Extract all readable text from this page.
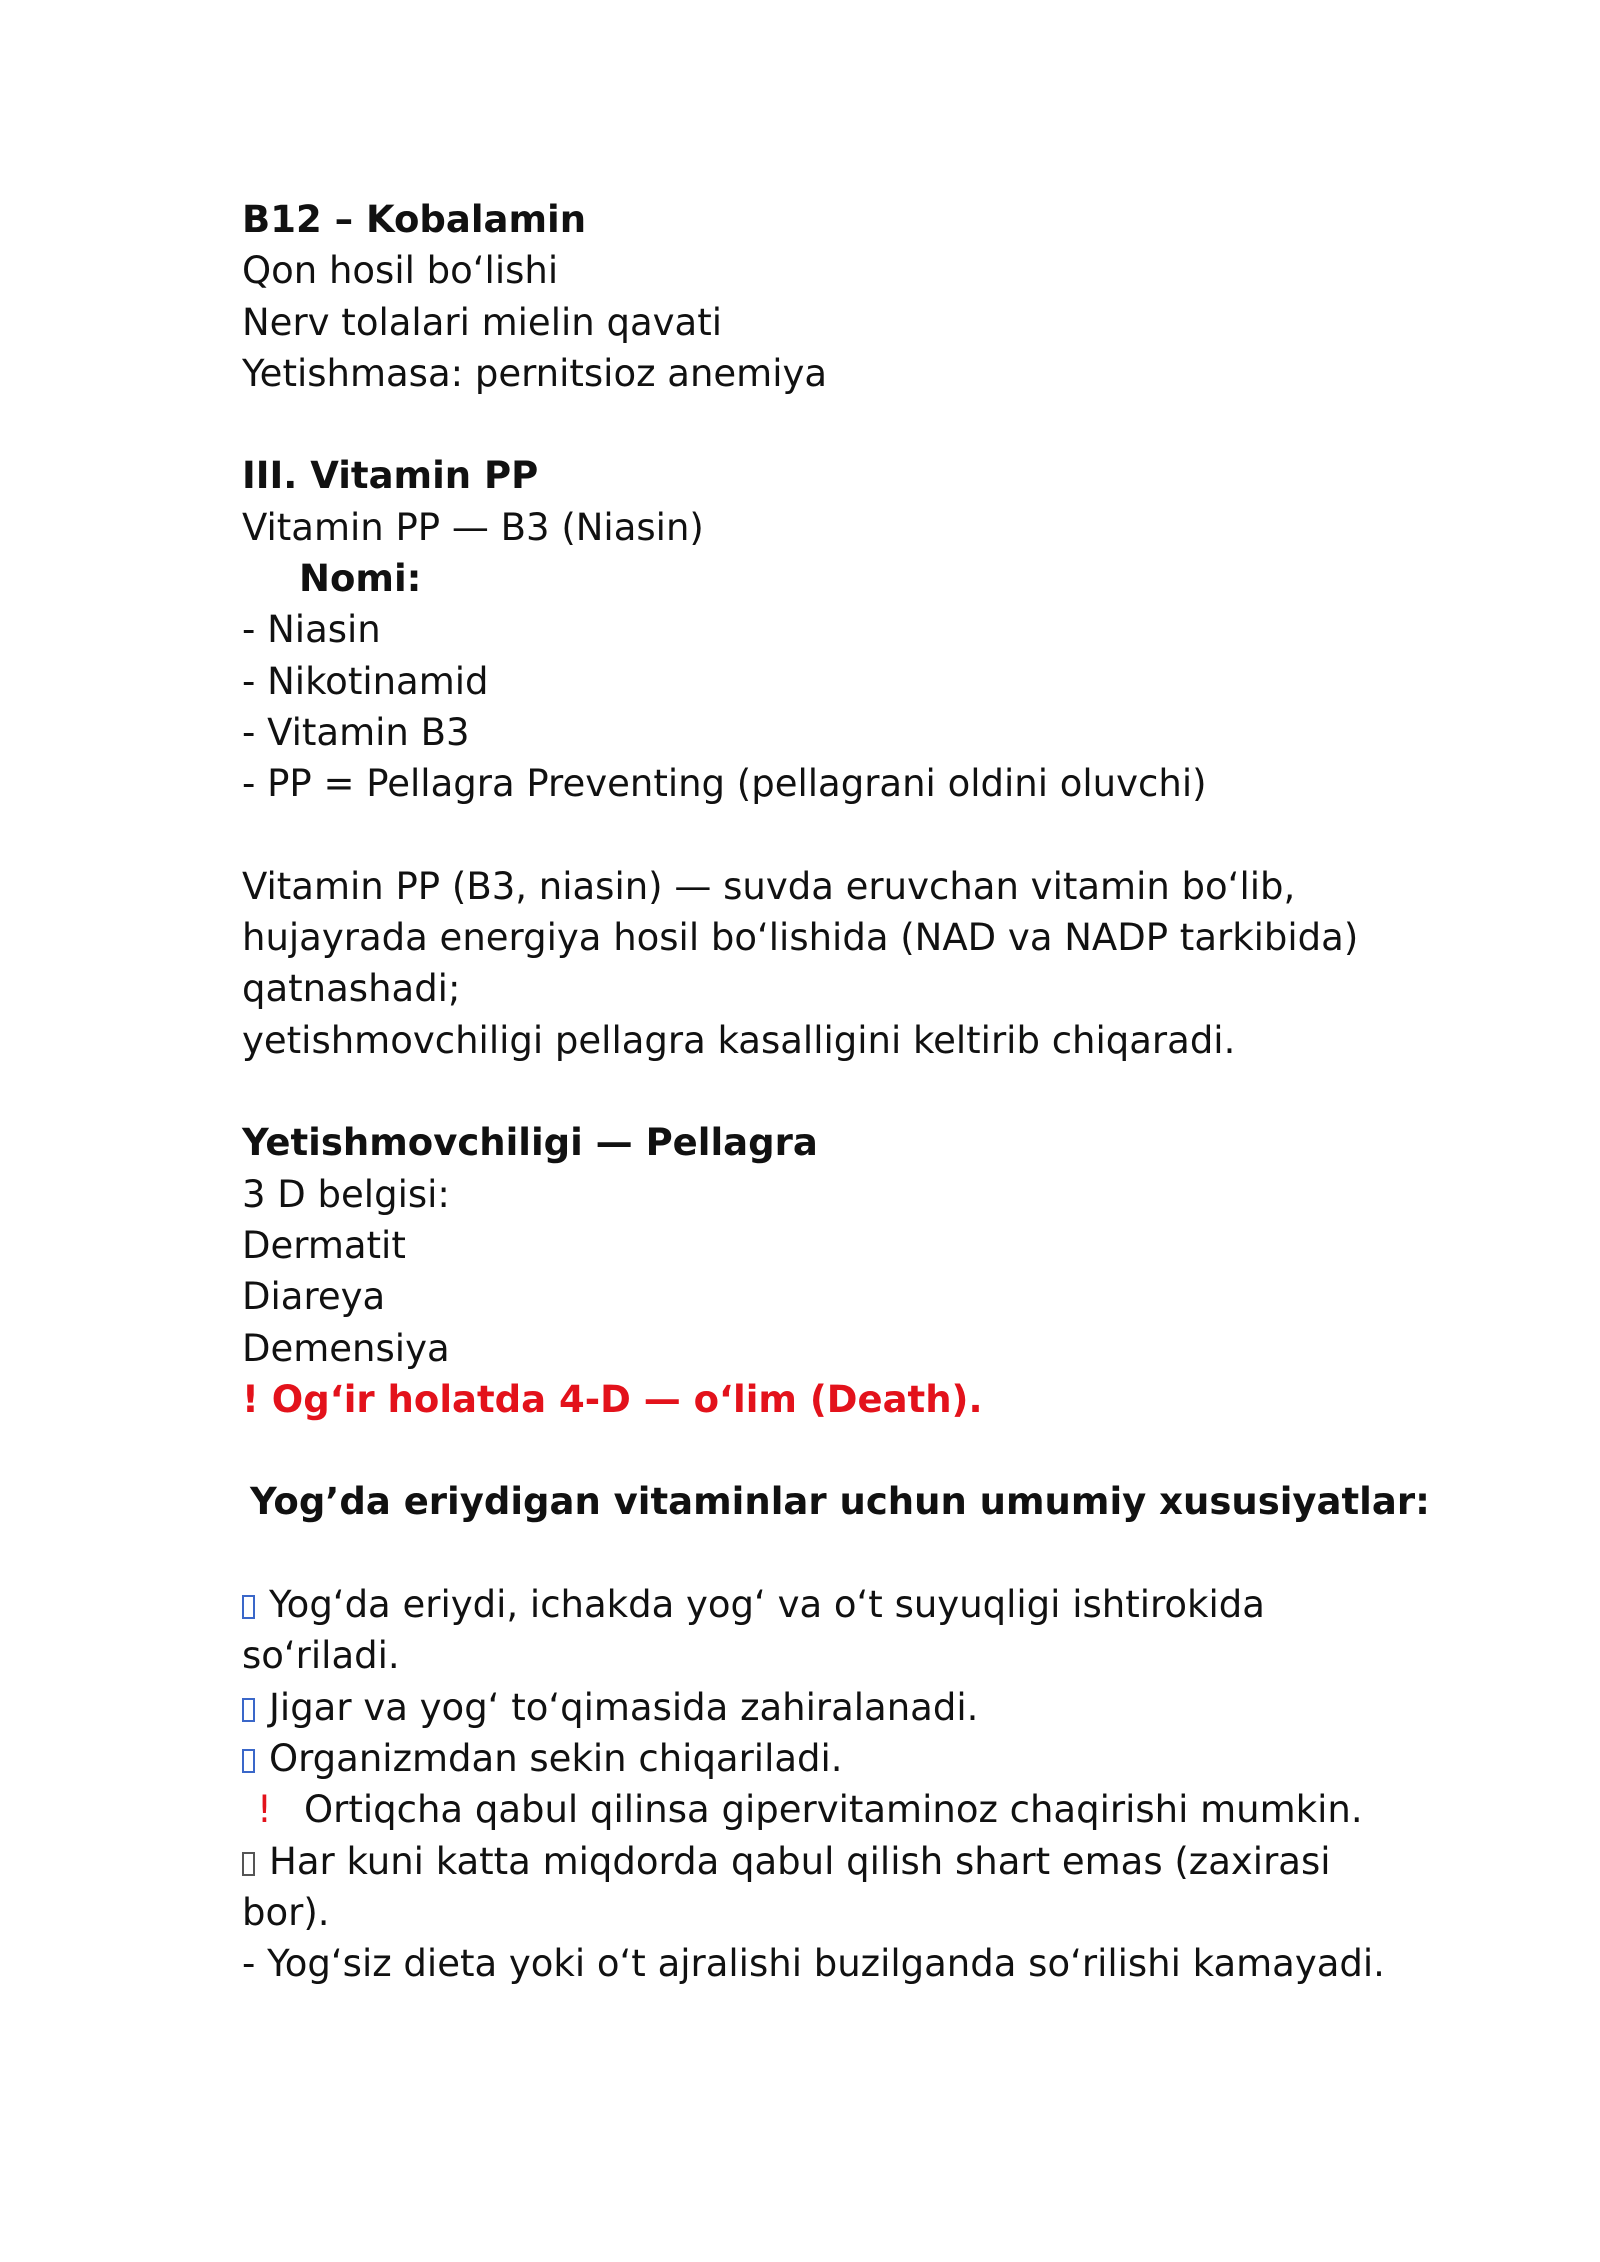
B12 – Kobalamin
Qon hosil bo‘lishi
Nerv tolalari mielin qavati
Yetishmasa: pernitsioz anemiya
III. Vitamin PP
Vitamin PP — B3 (Niasin)
Nomi:
- Niasin
- Nikotinamid
- Vitamin B3
- PP = Pellagra Preventing (pellagrani oldini oluvchi)
Vitamin PP (B3, niasin) — suvda eruvchan vitamin bo‘lib,
hujayrada energiya hosil bo‘lishida (NAD va NADP tarkibida)
qatnashadi;
yetishmovchiligi pellagra kasalligini keltirib chiqaradi.
Yetishmovchiligi — Pellagra
3 D belgisi:
Dermatit
Diareya
Demensiya
! Og‘ir holatda 4-D — o‘lim (Death).
Yog’da eriydigan vitaminlar uchun umumiy xususiyatlar:
Yog‘da eriydi, ichakda yog‘ va o‘t suyuqligi ishtirokida
so‘riladi.
Jigar va yog‘ to‘qimasida zahiralanadi.
Organizmdan sekin chiqariladi.
! Ortiqcha qabul qilinsa gipervitaminoz chaqirishi mumkin.
Har kuni katta miqdorda qabul qilish shart emas (zaxirasi
bor).
- Yog‘siz dieta yoki o‘t ajralishi buzilganda so‘rilishi kamayadi.
